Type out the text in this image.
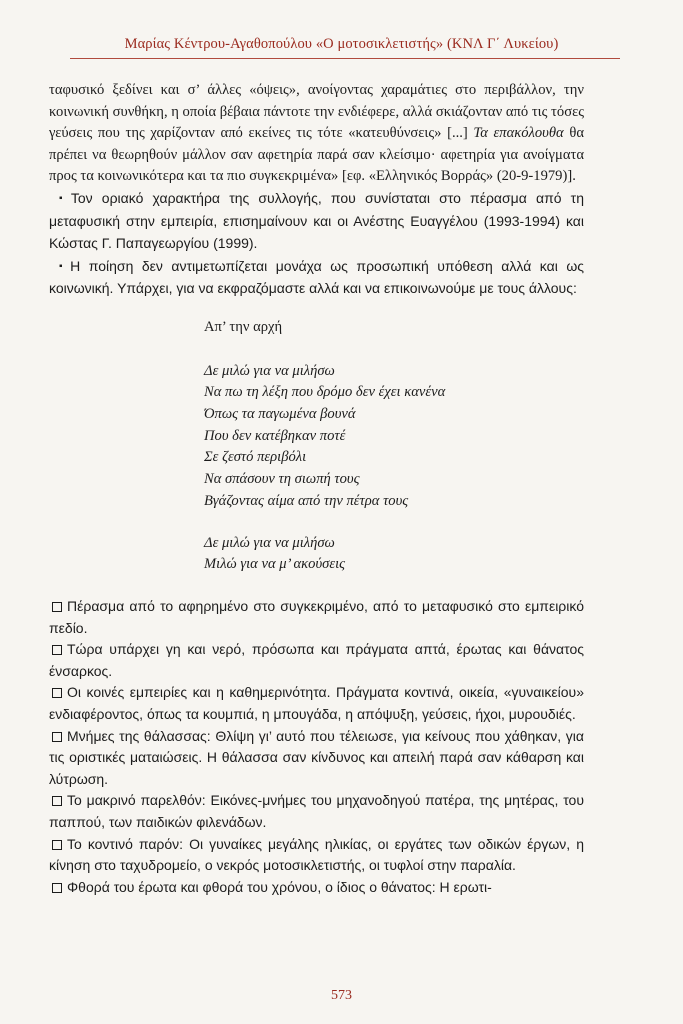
Μαρίας Κέντρου-Αγαθοπούλου «Ο μοτοσικλετιστής» (ΚΝΛ Γ΄ Λυκείου)

ταφυσικό ξεδίνει και σ’ άλλες «όψεις», ανοίγοντας χαραμάτιες στο περιβάλλον, την κοινωνική συνθήκη, η οποία βέβαια πάντοτε την ενδιέφερε, αλλά σκιάζονταν από τις τόσες γεύσεις που της χαρίζονταν από εκείνες τις τότε «κατευθύνσεις» [...] Τα επακόλουθα θα πρέπει να θεωρηθούν μάλλον σαν αφετηρία παρά σαν κλείσιμο· αφετηρία για ανοίγματα προς τα κοινωνικότερα και τα πιο συγκεκριμένα» [εφ. «Ελληνικός Βορράς» (20-9-1979)].

▪ Τον οριακό χαρακτήρα της συλλογής, που συνίσταται στο πέρασμα από τη μεταφυσική στην εμπειρία, επισημαίνουν και οι Ανέστης Ευαγγέλου (1993-1994) και Κώστας Γ. Παπαγεωργίου (1999).

▪ Η ποίηση δεν αντιμετωπίζεται μονάχα ως προσωπική υπόθεση αλλά και ως κοινωνική. Υπάρχει, για να εκφραζόμαστε αλλά και να επικοινωνούμε με τους άλλους:

Απ’ την αρχή
Δε μιλώ για να μιλήσω
Να πω τη λέξη που δρόμο δεν έχει κανένα
Όπως τα παγωμένα βουνά
Που δεν κατέβηκαν ποτέ
Σε ζεστό περιβόλι
Να σπάσουν τη σιωπή τους
Βγάζοντας αίμα από την πέτρα τους
Δε μιλώ για να μιλήσω
Μιλώ για να μ’ ακούσεις

Πέρασμα από το αφηρημένο στο συγκεκριμένο, από το μεταφυσικό στο εμπειρικό πεδίο.

Τώρα υπάρχει γη και νερό, πρόσωπα και πράγματα απτά, έρωτας και θάνατος ένσαρκος.

Οι κοινές εμπειρίες και η καθημερινότητα. Πράγματα κοντινά, οικεία, «γυναικείου» ενδιαφέροντος, όπως τα κουμπιά, η μπουγάδα, η απόψυξη, γεύσεις, ήχοι, μυρουδιές.

Μνήμες της θάλασσας: Θλίψη γι’ αυτό που τέλειωσε, για κείνους που χάθηκαν, για τις οριστικές ματαιώσεις. Η θάλασσα σαν κίνδυνος και απειλή παρά σαν κάθαρση και λύτρωση.

Το μακρινό παρελθόν: Εικόνες-μνήμες του μηχανοδηγού πατέρα, της μητέρας, του παππού, των παιδικών φιλενάδων.

Το κοντινό παρόν: Οι γυναίκες μεγάλης ηλικίας, οι εργάτες των οδικών έργων, η κίνηση στο ταχυδρομείο, ο νεκρός μοτοσικλετιστής, οι τυφλοί στην παραλία.

Φθορά του έρωτα και φθορά του χρόνου, ο ίδιος ο θάνατος: Η ερωτι-

573
